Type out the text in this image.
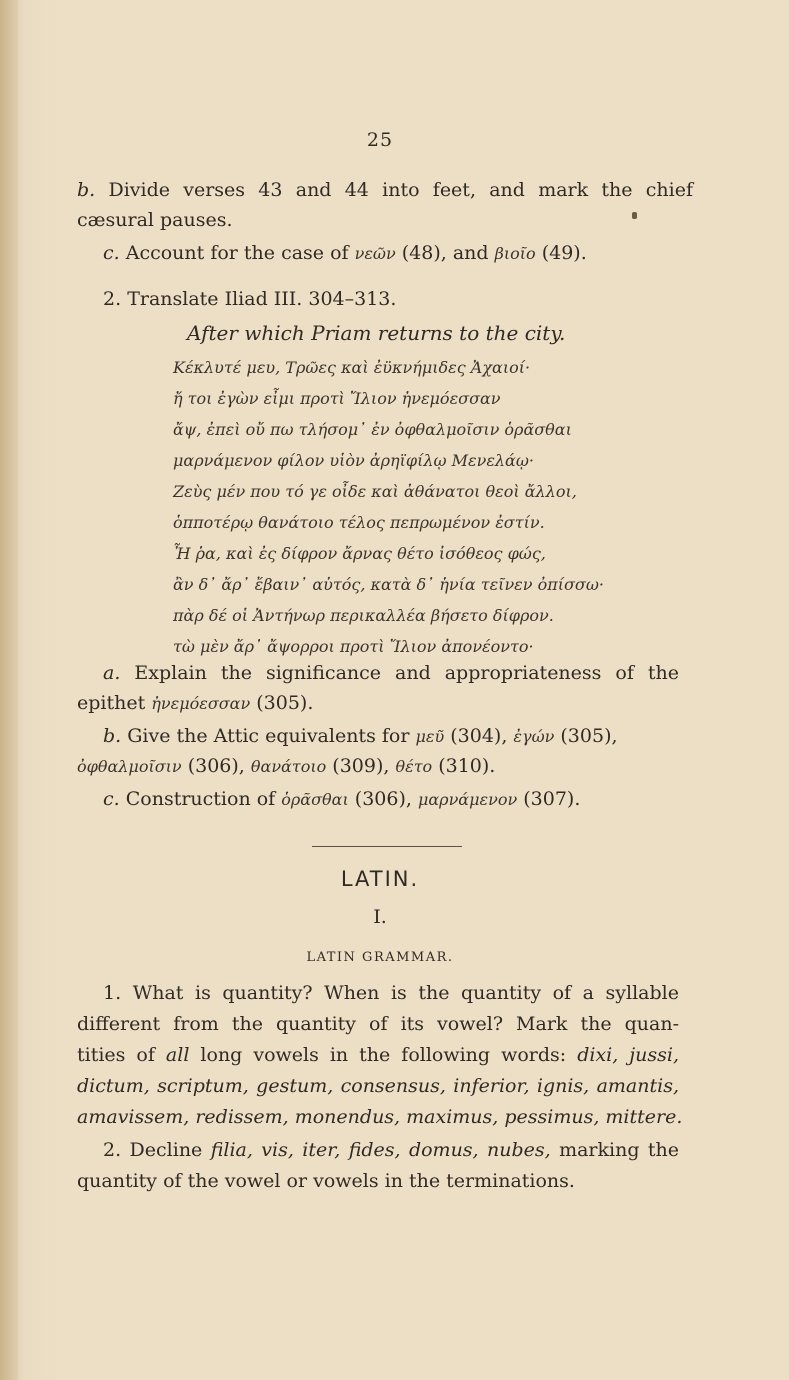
25
b. Divide verses 43 and 44 into feet, and mark the chief
cæsural pauses.
c. Account for the case of νεῶν (48), and βιοῖο (49).
2. Translate Iliad III. 304–313.
After which Priam returns to the city.
Κέκλυτέ μευ, Τρῶες καὶ ἐϋκνήμιδες Ἀχαιοί·
ἤ τοι ἐγὼν εἶμι προτὶ Ἴλιον ἠνεμόεσσαν
ἄψ, ἐπεὶ οὔ πω τλήσομ᾽ ἐν ὀφθαλμοῖσιν ὁρᾶσθαι
μαρνάμενον φίλον υἱὸν ἀρηϊφίλῳ Μενελάῳ·
Ζεὺς μέν που τό γε οἶδε καὶ ἀθάνατοι θεοὶ ἄλλοι,
ὁπποτέρῳ θανάτοιο τέλος πεπρωμένον ἐστίν.
Ἦ ῥα, καὶ ἐς δίφρον ἄρνας θέτο ἰσόθεος φώς,
ἂν δ᾽ ἄρ᾽ ἔβαιν᾽ αὐτός, κατὰ δ᾽ ἡνία τεῖνεν ὀπίσσω·
πὰρ δέ οἱ Ἀντήνωρ περικαλλέα βήσετο δίφρον.
τὼ μὲν ἄρ᾽ ἄψορροι προτὶ Ἴλιον ἀπονέοντο·
a. Explain the significance and appropriateness of the
epithet ἠνεμόεσσαν (305).
b. Give the Attic equivalents for μεῦ (304), ἐγών (305),
ὀφθαλμοῖσιν (306), θανάτοιο (309), θέτο (310).
c. Construction of ὁρᾶσθαι (306), μαρνάμενον (307).
LATIN.
I.
LATIN GRAMMAR.
1. What is quantity? When is the quantity of a syllable
different from the quantity of its vowel? Mark the quan-
tities of all long vowels in the following words: dixi, jussi,
dictum, scriptum, gestum, consensus, inferior, ignis, amantis,
amavissem, redissem, monendus, maximus, pessimus, mittere.
2. Decline filia, vis, iter, fides, domus, nubes, marking the
quantity of the vowel or vowels in the terminations.
